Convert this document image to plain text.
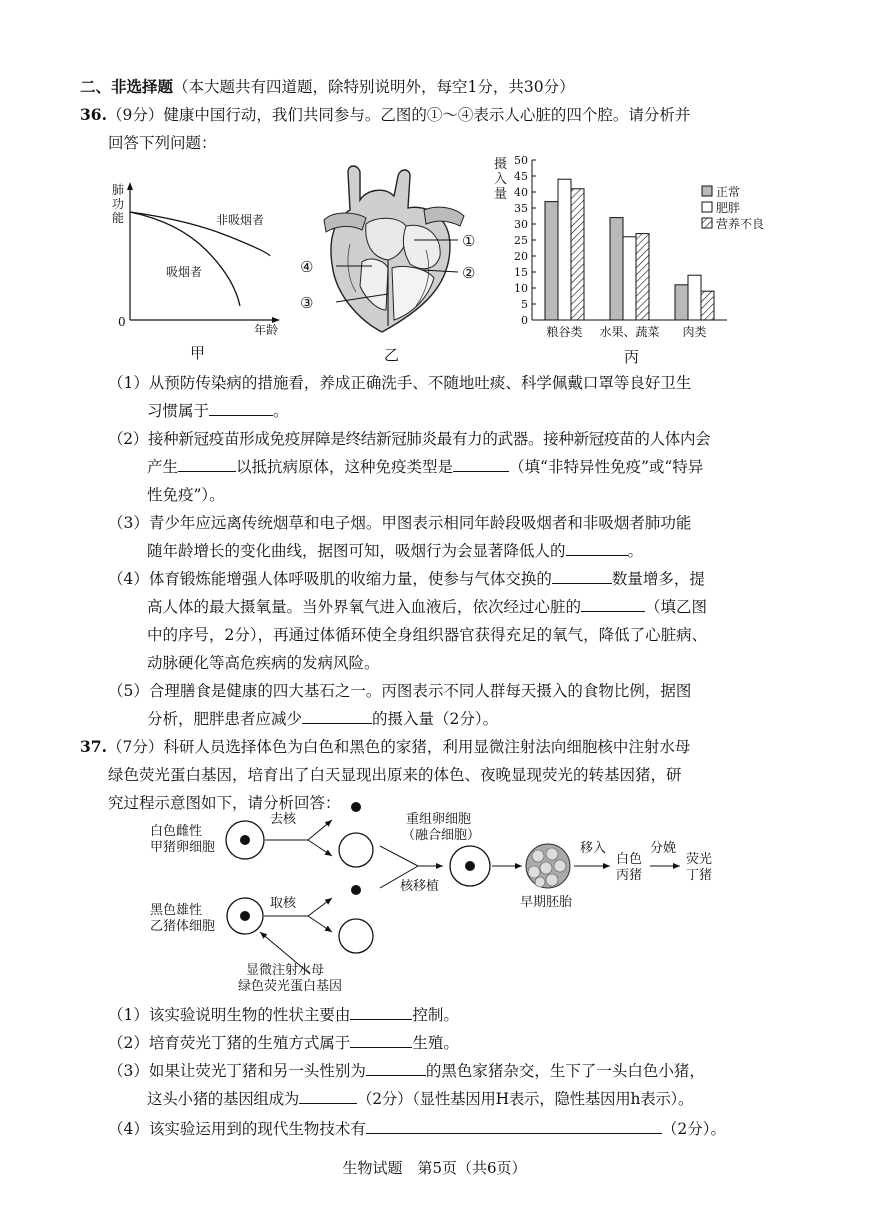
二、非选择题（本大题共有四道题，除特别说明外，每空1分，共30分）
36.（9分）健康中国行动，我们共同参与。乙图的①～④表示人心脏的四个腔。请分析并
回答下列问题：
肺
功
能
0
年龄
非吸烟者
吸烟者
甲
①
②
③
④
乙
摄
入
量
0
5
10
15
20
25
30
35
40
45
50
粮谷类 水果、蔬菜 肉类
正常
肥胖
营养不良
丙
（1）从预防传染病的措施看，养成正确洗手、不随地吐痰、科学佩戴口罩等良好卫生
习惯属于	。
（2）接种新冠疫苗形成免疫屏障是终结新冠肺炎最有力的武器。接种新冠疫苗的人体内会
产生	以抵抗病原体，这种免疫类型是	（填“非特异性免疫”或“特异
性免疫”）。
（3）青少年应远离传统烟草和电子烟。甲图表示相同年龄段吸烟者和非吸烟者肺功能
随年龄增长的变化曲线，据图可知，吸烟行为会显著降低人的	。
（4）体育锻炼能增强人体呼吸肌的收缩力量，使参与气体交换的	数量增多，提
高人体的最大摄氧量。当外界氧气进入血液后，依次经过心脏的	（填乙图
中的序号，2分），再通过体循环使全身组织器官获得充足的氧气，降低了心脏病、
动脉硬化等高危疾病的发病风险。
（5）合理膳食是健康的四大基石之一。丙图表示不同人群每天摄入的食物比例，据图
分析，肥胖患者应减少	的摄入量（2分）。
37.（7分）科研人员选择体色为白色和黑色的家猪，利用显微注射法向细胞核中注射水母
绿色荧光蛋白基因，培育出了白天显现出原来的体色、夜晚显现荧光的转基因猪，研
究过程示意图如下，请分析回答：
白色雌性
甲猪卵细胞
去核
黑色雄性
乙猪体细胞
取核
显微注射水母
绿色荧光蛋白基因
核移植
重组卵细胞
（融合细胞）
早期胚胎
移入
白色
丙猪
分娩
荧光
丁猪
（1）该实验说明生物的性状主要由	控制。
（2）培育荧光丁猪的生殖方式属于	生殖。
（3）如果让荧光丁猪和另一头性别为	的黑色家猪杂交，生下了一头白色小猪，
这头小猪的基因组成为	（2分）（显性基因用H表示，隐性基因用h表示）。
（4）该实验运用到的现代生物技术有	（2分）。
生物试题　第5页（共6页）
